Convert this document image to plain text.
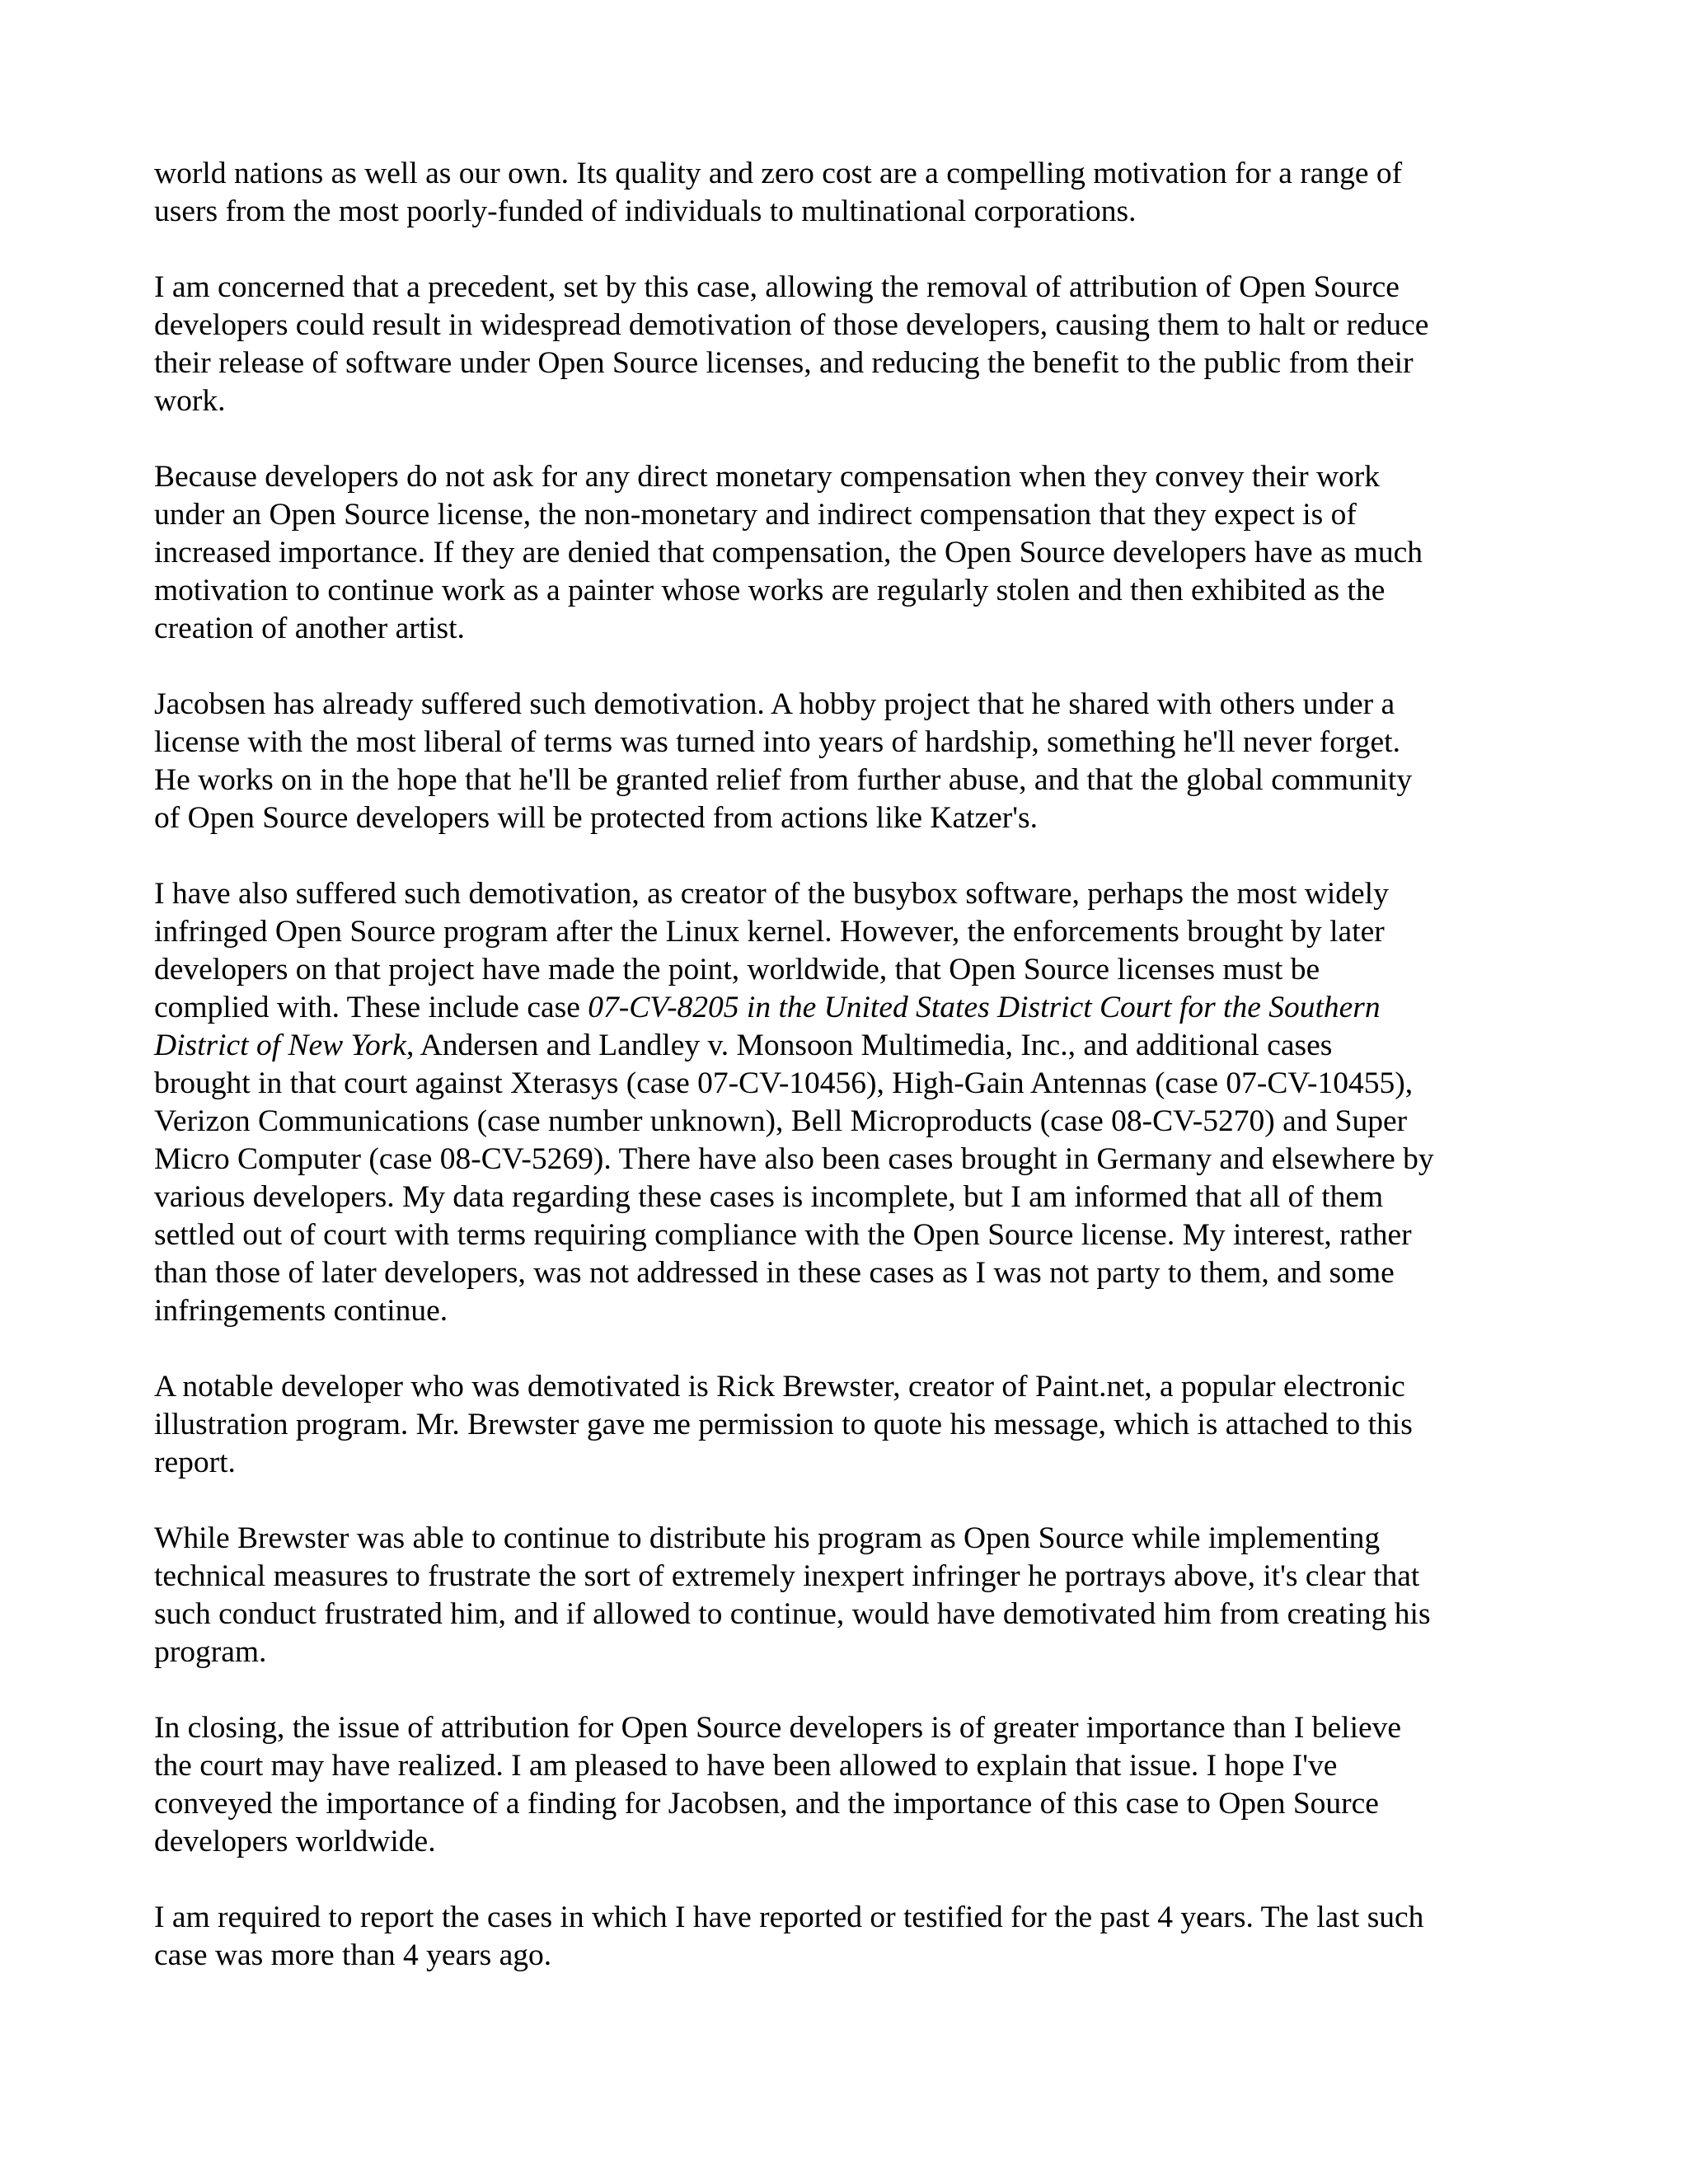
world nations as well as our own. Its quality and zero cost are a compelling motivation for a range of
users from the most poorly-funded of individuals to multinational corporations.

I am concerned that a precedent, set by this case, allowing the removal of attribution of Open Source
developers could result in widespread demotivation of those developers, causing them to halt or reduce
their release of software under Open Source licenses, and reducing the benefit to the public from their
work.

Because developers do not ask for any direct monetary compensation when they convey their work
under an Open Source license, the non-monetary and indirect compensation that they expect is of
increased importance. If they are denied that compensation, the Open Source developers have as much
motivation to continue work as a painter whose works are regularly stolen and then exhibited as the
creation of another artist.

Jacobsen has already suffered such demotivation. A hobby project that he shared with others under a
license with the most liberal of terms was turned into years of hardship, something he'll never forget.
He works on in the hope that he'll be granted relief from further abuse, and that the global community
of Open Source developers will be protected from actions like Katzer's.

I have also suffered such demotivation, as creator of the busybox software, perhaps the most widely
infringed Open Source program after the Linux kernel. However, the enforcements brought by later
developers on that project have made the point, worldwide, that Open Source licenses must be
complied with. These include case 07-CV-8205 in the United States District Court for the Southern
District of New York, Andersen and Landley v. Monsoon Multimedia, Inc., and additional cases
brought in that court against Xterasys (case 07-CV-10456), High-Gain Antennas (case 07-CV-10455),
Verizon Communications (case number unknown), Bell Microproducts (case 08-CV-5270) and Super
Micro Computer (case 08-CV-5269). There have also been cases brought in Germany and elsewhere by
various developers. My data regarding these cases is incomplete, but I am informed that all of them
settled out of court with terms requiring compliance with the Open Source license. My interest, rather
than those of later developers, was not addressed in these cases as I was not party to them, and some
infringements continue.

A notable developer who was demotivated is Rick Brewster, creator of Paint.net, a popular electronic
illustration program. Mr. Brewster gave me permission to quote his message, which is attached to this
report.

While Brewster was able to continue to distribute his program as Open Source while implementing
technical measures to frustrate the sort of extremely inexpert infringer he portrays above, it's clear that
such conduct frustrated him, and if allowed to continue, would have demotivated him from creating his
program.

In closing, the issue of attribution for Open Source developers is of greater importance than I believe
the court may have realized. I am pleased to have been allowed to explain that issue. I hope I've
conveyed the importance of a finding for Jacobsen, and the importance of this case to Open Source
developers worldwide.

I am required to report the cases in which I have reported or testified for the past 4 years. The last such
case was more than 4 years ago.
